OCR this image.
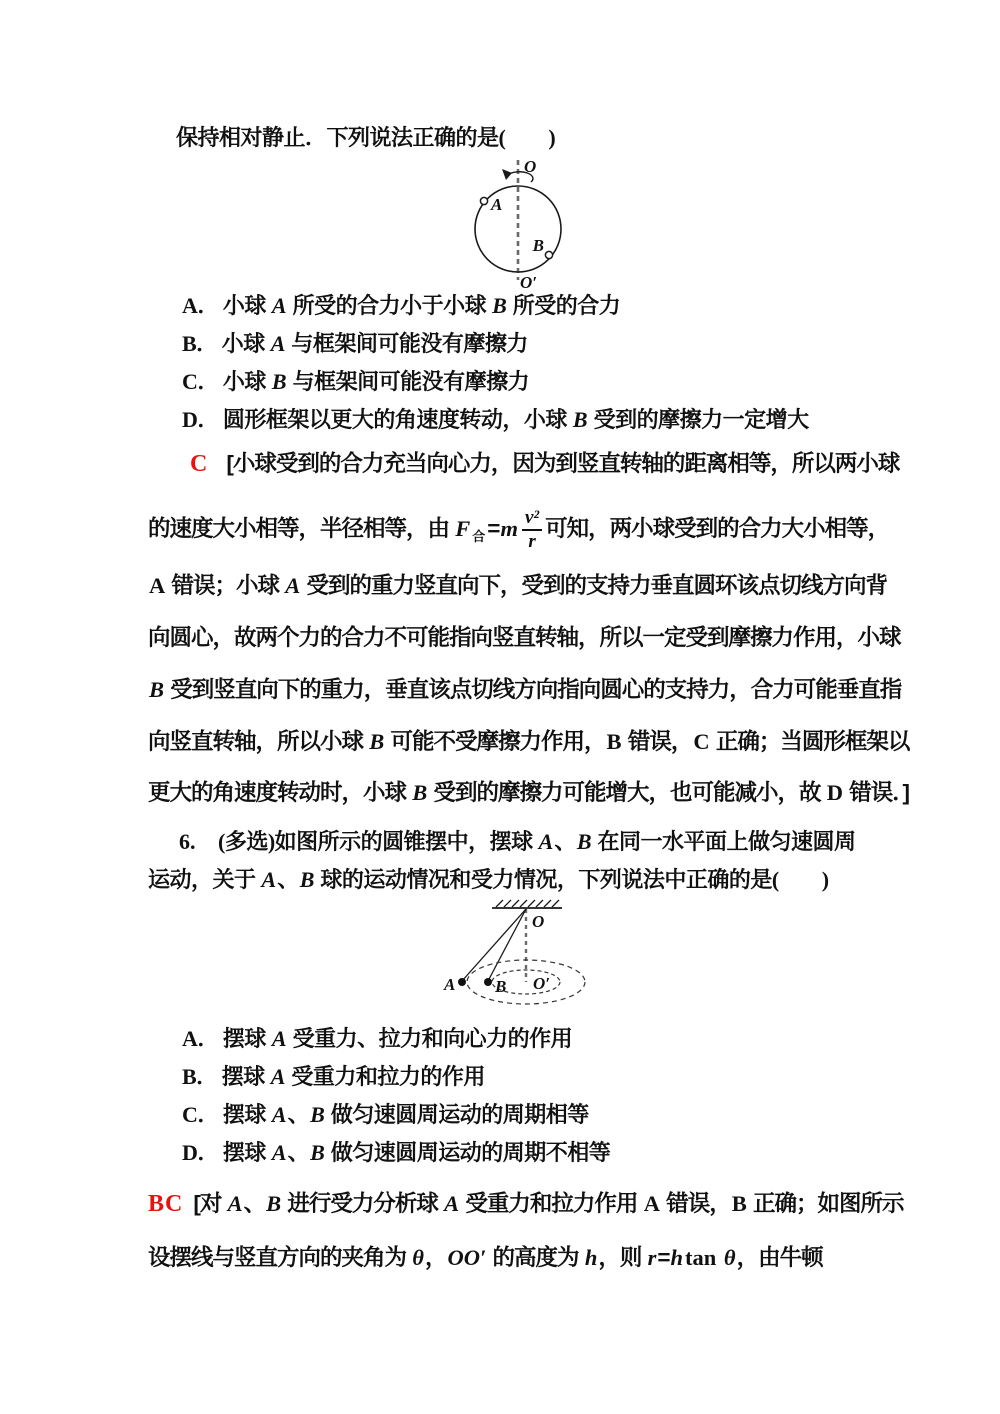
保持相对静止．下列说法正确的是(　　)
O
O′
A
B
A． 小球 A 所受的合力小于小球 B 所受的合力
B． 小球 A 与框架间可能没有摩擦力
C． 小球 B 与框架间可能没有摩擦力
D． 圆形框架以更大的角速度转动，小球 B 受到的摩擦力一定增大
C [小球受到的合力充当向心力，因为到竖直转轴的距离相等，所以两小球
的速度大小相等，半径相等，由 F $_合=m \frac{\text{v²}}{r}$ 可知，两小球受到的合力大小相等，
A 错误；小球 A 受到的重力竖直向下，受到的支持力垂直圆环该点切线方向背
向圆心，故两个力的合力不可能指向竖直转轴，所以一定受到摩擦力作用，小球
B 受到竖直向下的重力，垂直该点切线方向指向圆心的支持力，合力可能垂直指
向竖直转轴，所以小球 B 可能不受摩擦力作用，B 错误，C 正确；当圆形框架以
更大的角速度转动时，小球 B 受到的摩擦力可能增大，也可能减小，故 D 错误．]
6.　(多选)如图所示的圆锥摆中，摆球 A、B 在同一水平面上做匀速圆周
运动，关于 A、B 球的运动情况和受力情况，下列说法中正确的是(　　)
O
O′
A B
A． 摆球 A 受重力、拉力和向心力的作用
B． 摆球 A 受重力和拉力的作用
C． 摆球 A、B 做匀速圆周运动的周期相等
D． 摆球 A、B 做匀速圆周运动的周期不相等
BC [对 A、B 进行受力分析球 A 受重力和拉力作用 A 错误，B 正确；如图所示
设摆线与竖直方向的夹角为 θ，OO′ 的高度为 h，则 r=htan θ，由牛顿
